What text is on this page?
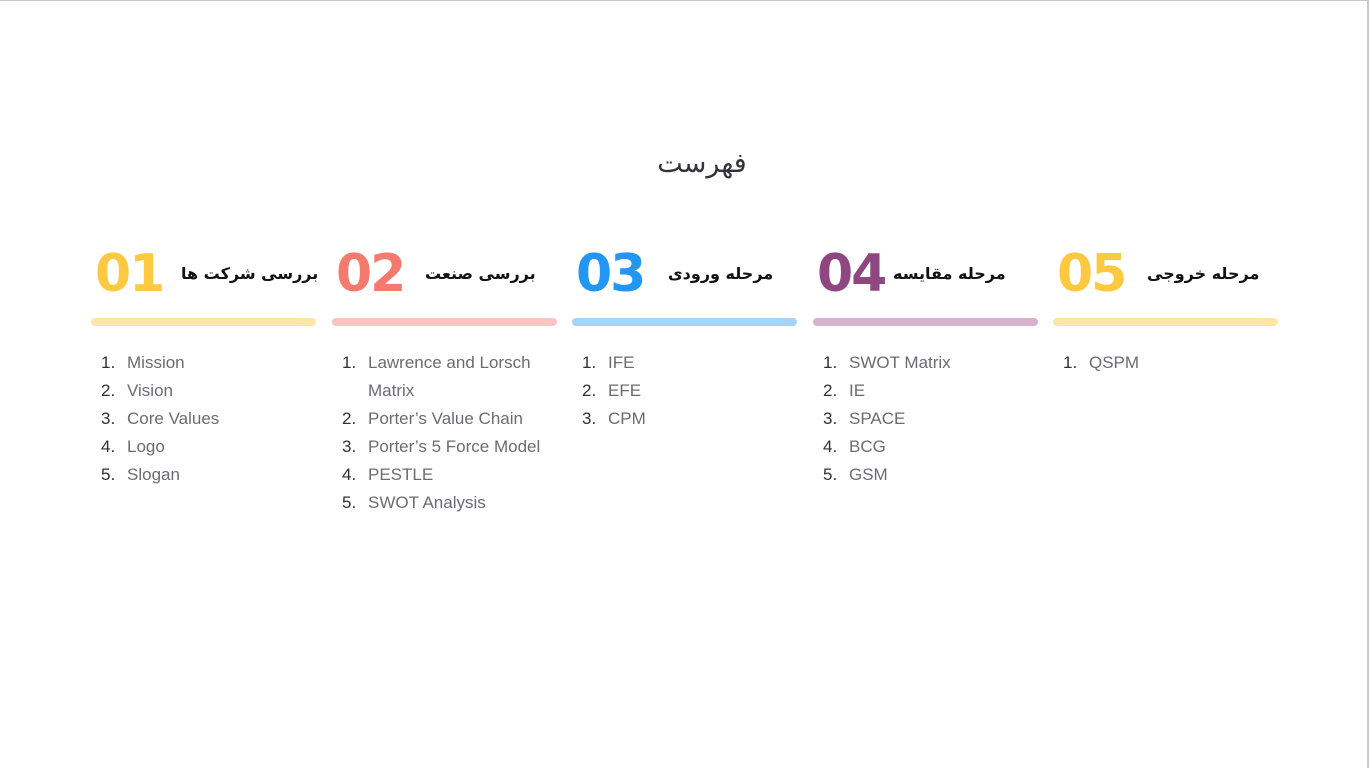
فهرست
01 بررسی شرکت ها
1. Mission
2. Vision
3. Core Values
4. Logo
5. Slogan
02 بررسی صنعت
1. Lawrence and Lorsch Matrix
2. Porter’s Value Chain
3. Porter’s 5 Force Model
4. PESTLE
5. SWOT Analysis
03 مرحله ورودی
1. IFE
2. EFE
3. CPM
04 مرحله مقایسه
1. SWOT Matrix
2. IE
3. SPACE
4. BCG
5. GSM
05 مرحله خروجی
1. QSPM
